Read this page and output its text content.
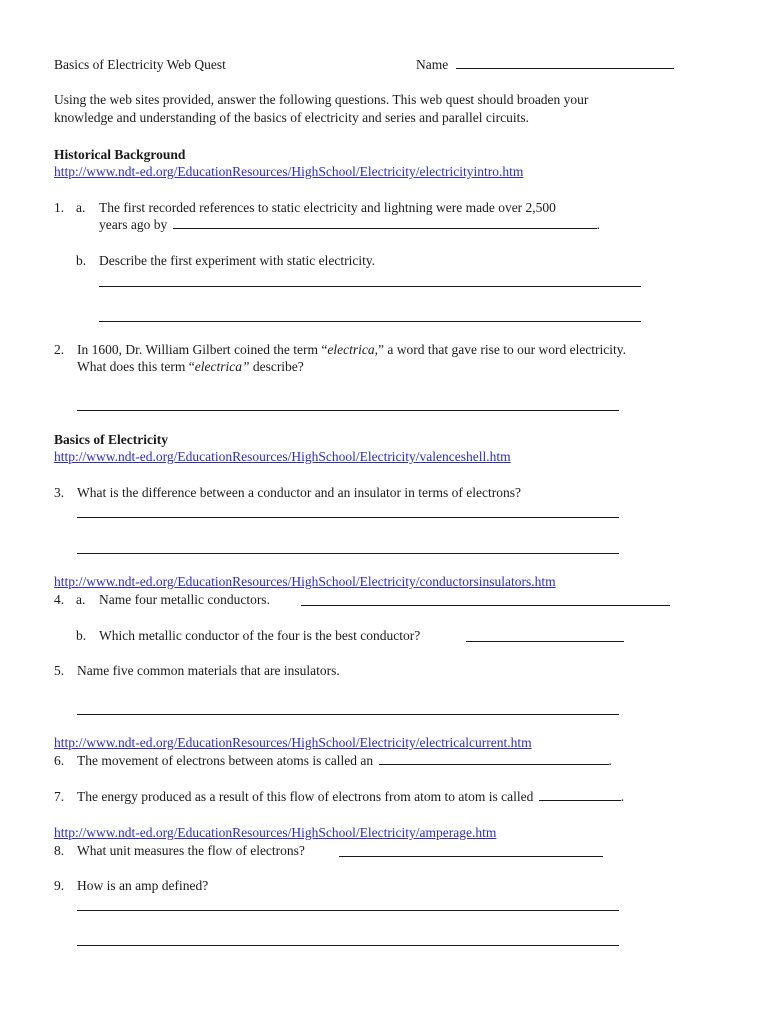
Basics of Electricity Web Quest	Name
Using the web sites provided, answer the following questions. This web quest should broaden your
knowledge and understanding of the basics of electricity and series and parallel circuits.
Historical Background
http://www.ndt-ed.org/EducationResources/HighSchool/Electricity/electricityintro.htm
1. a. The first recorded references to static electricity and lightning were made over 2,500
years ago by	.
b. Describe the first experiment with static electricity.
2. In 1600, Dr. William Gilbert coined the term “electrica,” a word that gave rise to our word electricity.
What does this term “electrica” describe?
Basics of Electricity
http://www.ndt-ed.org/EducationResources/HighSchool/Electricity/valenceshell.htm
3. What is the difference between a conductor and an insulator in terms of electrons?
http://www.ndt-ed.org/EducationResources/HighSchool/Electricity/conductorsinsulators.htm
4. a. Name four metallic conductors.
b. Which metallic conductor of the four is the best conductor?
5. Name five common materials that are insulators.
http://www.ndt-ed.org/EducationResources/HighSchool/Electricity/electricalcurrent.htm
6. The movement of electrons between atoms is called an	.
7. The energy produced as a result of this flow of electrons from atom to atom is called	.
http://www.ndt-ed.org/EducationResources/HighSchool/Electricity/amperage.htm
8. What unit measures the flow of electrons?
9. How is an amp defined?
